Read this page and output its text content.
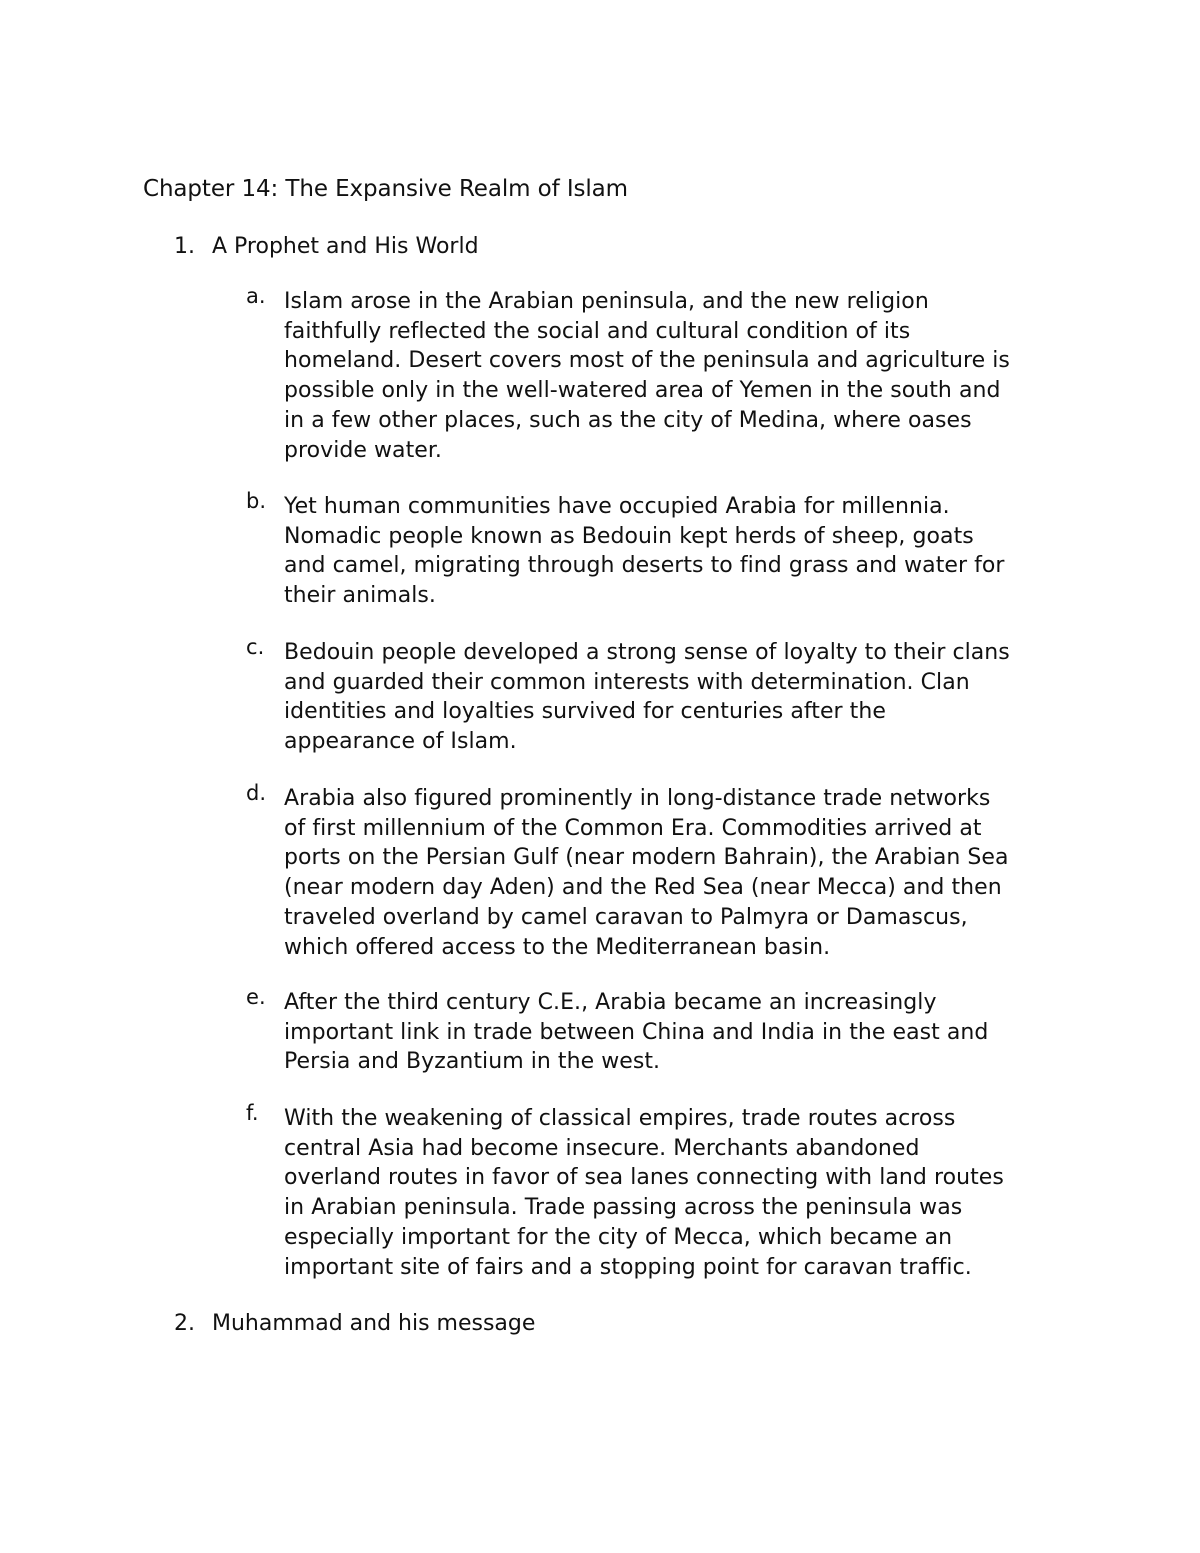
Chapter 14: The Expansive Realm of Islam
1. A Prophet and His World
a. Islam arose in the Arabian peninsula, and the new religion
faithfully reflected the social and cultural condition of its
homeland. Desert covers most of the peninsula and agriculture is
possible only in the well-watered area of Yemen in the south and
in a few other places, such as the city of Medina, where oases
provide water.
b. Yet human communities have occupied Arabia for millennia.
Nomadic people known as Bedouin kept herds of sheep, goats
and camel, migrating through deserts to find grass and water for
their animals.
c. Bedouin people developed a strong sense of loyalty to their clans
and guarded their common interests with determination. Clan
identities and loyalties survived for centuries after the
appearance of Islam.
d. Arabia also figured prominently in long-distance trade networks
of first millennium of the Common Era. Commodities arrived at
ports on the Persian Gulf (near modern Bahrain), the Arabian Sea
(near modern day Aden) and the Red Sea (near Mecca) and then
traveled overland by camel caravan to Palmyra or Damascus,
which offered access to the Mediterranean basin.
e. After the third century C.E., Arabia became an increasingly
important link in trade between China and India in the east and
Persia and Byzantium in the west.
f.	With the weakening of classical empires, trade routes across
central Asia had become insecure. Merchants abandoned
overland routes in favor of sea lanes connecting with land routes
in Arabian peninsula. Trade passing across the peninsula was
especially important for the city of Mecca, which became an
important site of fairs and a stopping point for caravan traffic.
2. Muhammad and his message
